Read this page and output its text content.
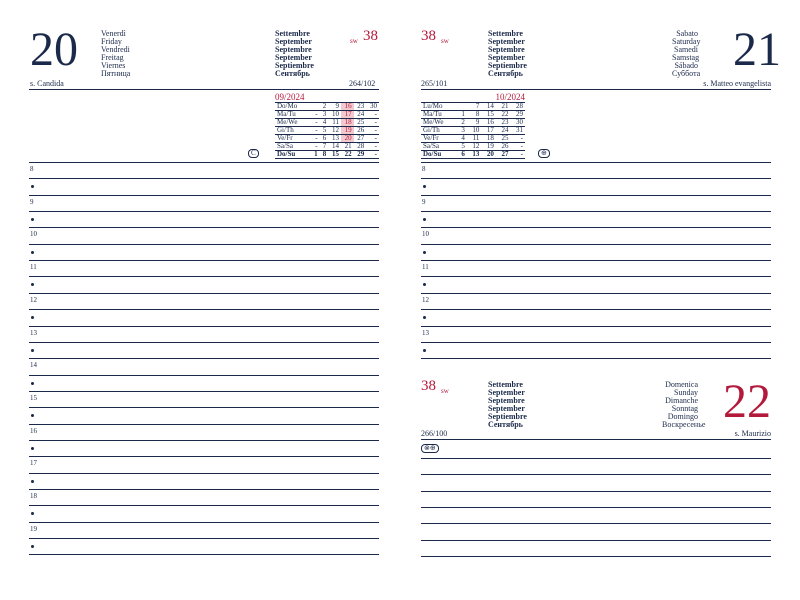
20	Venerdì
Friday
Vendredi
Freitag
Viernes
Пятница
Settembre
September
Septembre
September
Septiembre
Сентябрь
sw 38
s. Candida	264/102
09/2024
Do/Mo		2	9	16	23	30
Ma/Tu	-	3	10	17	24	-
Me/We	-	4	11	18	25	-
Gi/Th	-	5	12	19	26	-
Ve/Fr	-	6	13	20	27	-
Sa/Sa	-	7	14	21	28	-
Do/Su	1	8	15	22	29	-
C
8
9
10
11
12
13
14
15
16
17
18
19
38 sw
Settembre
September
Septembre
September
Septiembre
Сентябрь
Sabato
Saturday
Samedi
Samstag
Sábado
Суббота 21
265/101	s. Matteo evangelista
10/2024
Lu/Mo		7	14	21	28
Ma/Tu	1	8	15	22	29
Me/We	2	9	16	23	30
Gi/Th	3	10	17	24	31
Ve/Fr	4	11	18	25	-
Sa/Sa	5	12	19	26	-
Do/Su	6	13	20	27	-	⊕
8
9
10
11
12
13
38 sw
Settembre
September
Septembre
September
Septiembre
Сентябрь
Domenica
Sunday
Dimanche
Sonntag
Domingo
Воскресенье 22
266/100	s. Maurizio
⊗⊕
